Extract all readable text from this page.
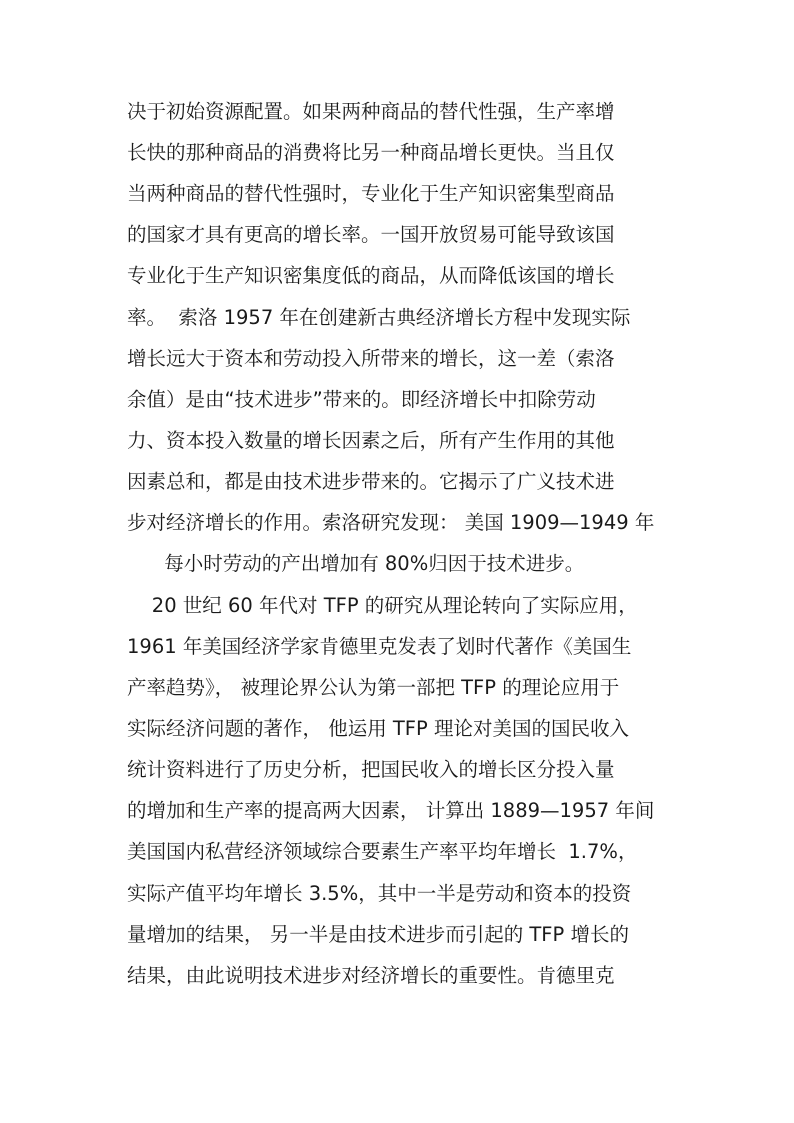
决于初始资源配置。如果两种商品的替代性强，生产率增
长快的那种商品的消费将比另一种商品增长更快。当且仅
当两种商品的替代性强时，专业化于生产知识密集型商品
的国家才具有更高的增长率。一国开放贸易可能导致该国
专业化于生产知识密集度低的商品，从而降低该国的增长
率。  索洛 1957 年在创建新古典经济增长方程中发现实际
增长远大于资本和劳动投入所带来的增长，这一差（索洛
余值）是由“技术进步”带来的。即经济增长中扣除劳动
力、资本投入数量的增长因素之后，所有产生作用的其他
因素总和，都是由技术进步带来的。它揭示了广义技术进
步对经济增长的作用。索洛研究发现： 美国 1909—1949 年
每小时劳动的产出增加有 80%归因于技术进步。
20 世纪 60 年代对 TFP 的研究从理论转向了实际应用，
1961 年美国经济学家肯德里克发表了划时代著作《美国生
产率趋势》， 被理论界公认为第一部把 TFP 的理论应用于
实际经济问题的著作， 他运用 TFP 理论对美国的国民收入
统计资料进行了历史分析，把国民收入的增长区分投入量
的增加和生产率的提高两大因素， 计算出 1889—1957 年间
美国国内私营经济领域综合要素生产率平均年增长  1.7%，
实际产值平均年增长 3.5%，其中一半是劳动和资本的投资
量增加的结果， 另一半是由技术进步而引起的 TFP 增长的
结果，由此说明技术进步对经济增长的重要性。肯德里克
